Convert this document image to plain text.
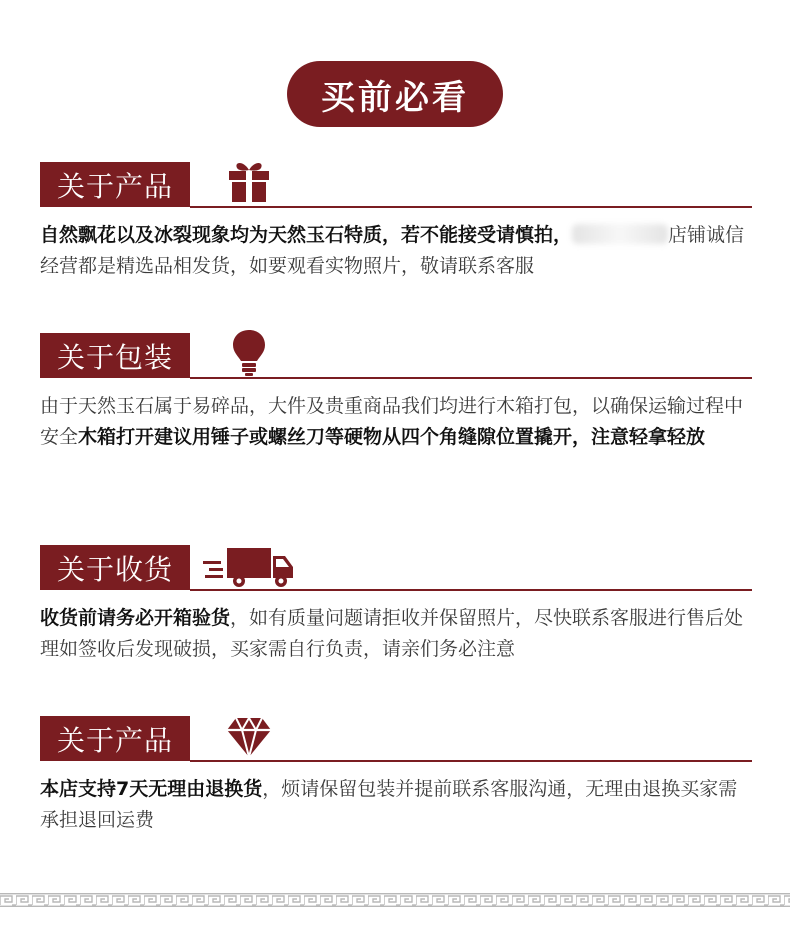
买前必看
关于产品
自然飘花以及冰裂现象均为天然玉石特质，若不能接受请慎拍，	店铺诚信经营都是精选品相发货，如要观看实物照片，敬请联系客服
关于包装
由于天然玉石属于易碎品，大件及贵重商品我们均进行木箱打包，以确保运输过程中安全木箱打开建议用锤子或螺丝刀等硬物从四个角缝隙位置撬开，注意轻拿轻放
关于收货
收货前请务必开箱验货，如有质量问题请拒收并保留照片，尽快联系客服进行售后处理如签收后发现破损，买家需自行负责，请亲们务必注意
关于产品
本店支持7天无理由退换货，烦请保留包装并提前联系客服沟通，无理由退换买家需承担退回运费
